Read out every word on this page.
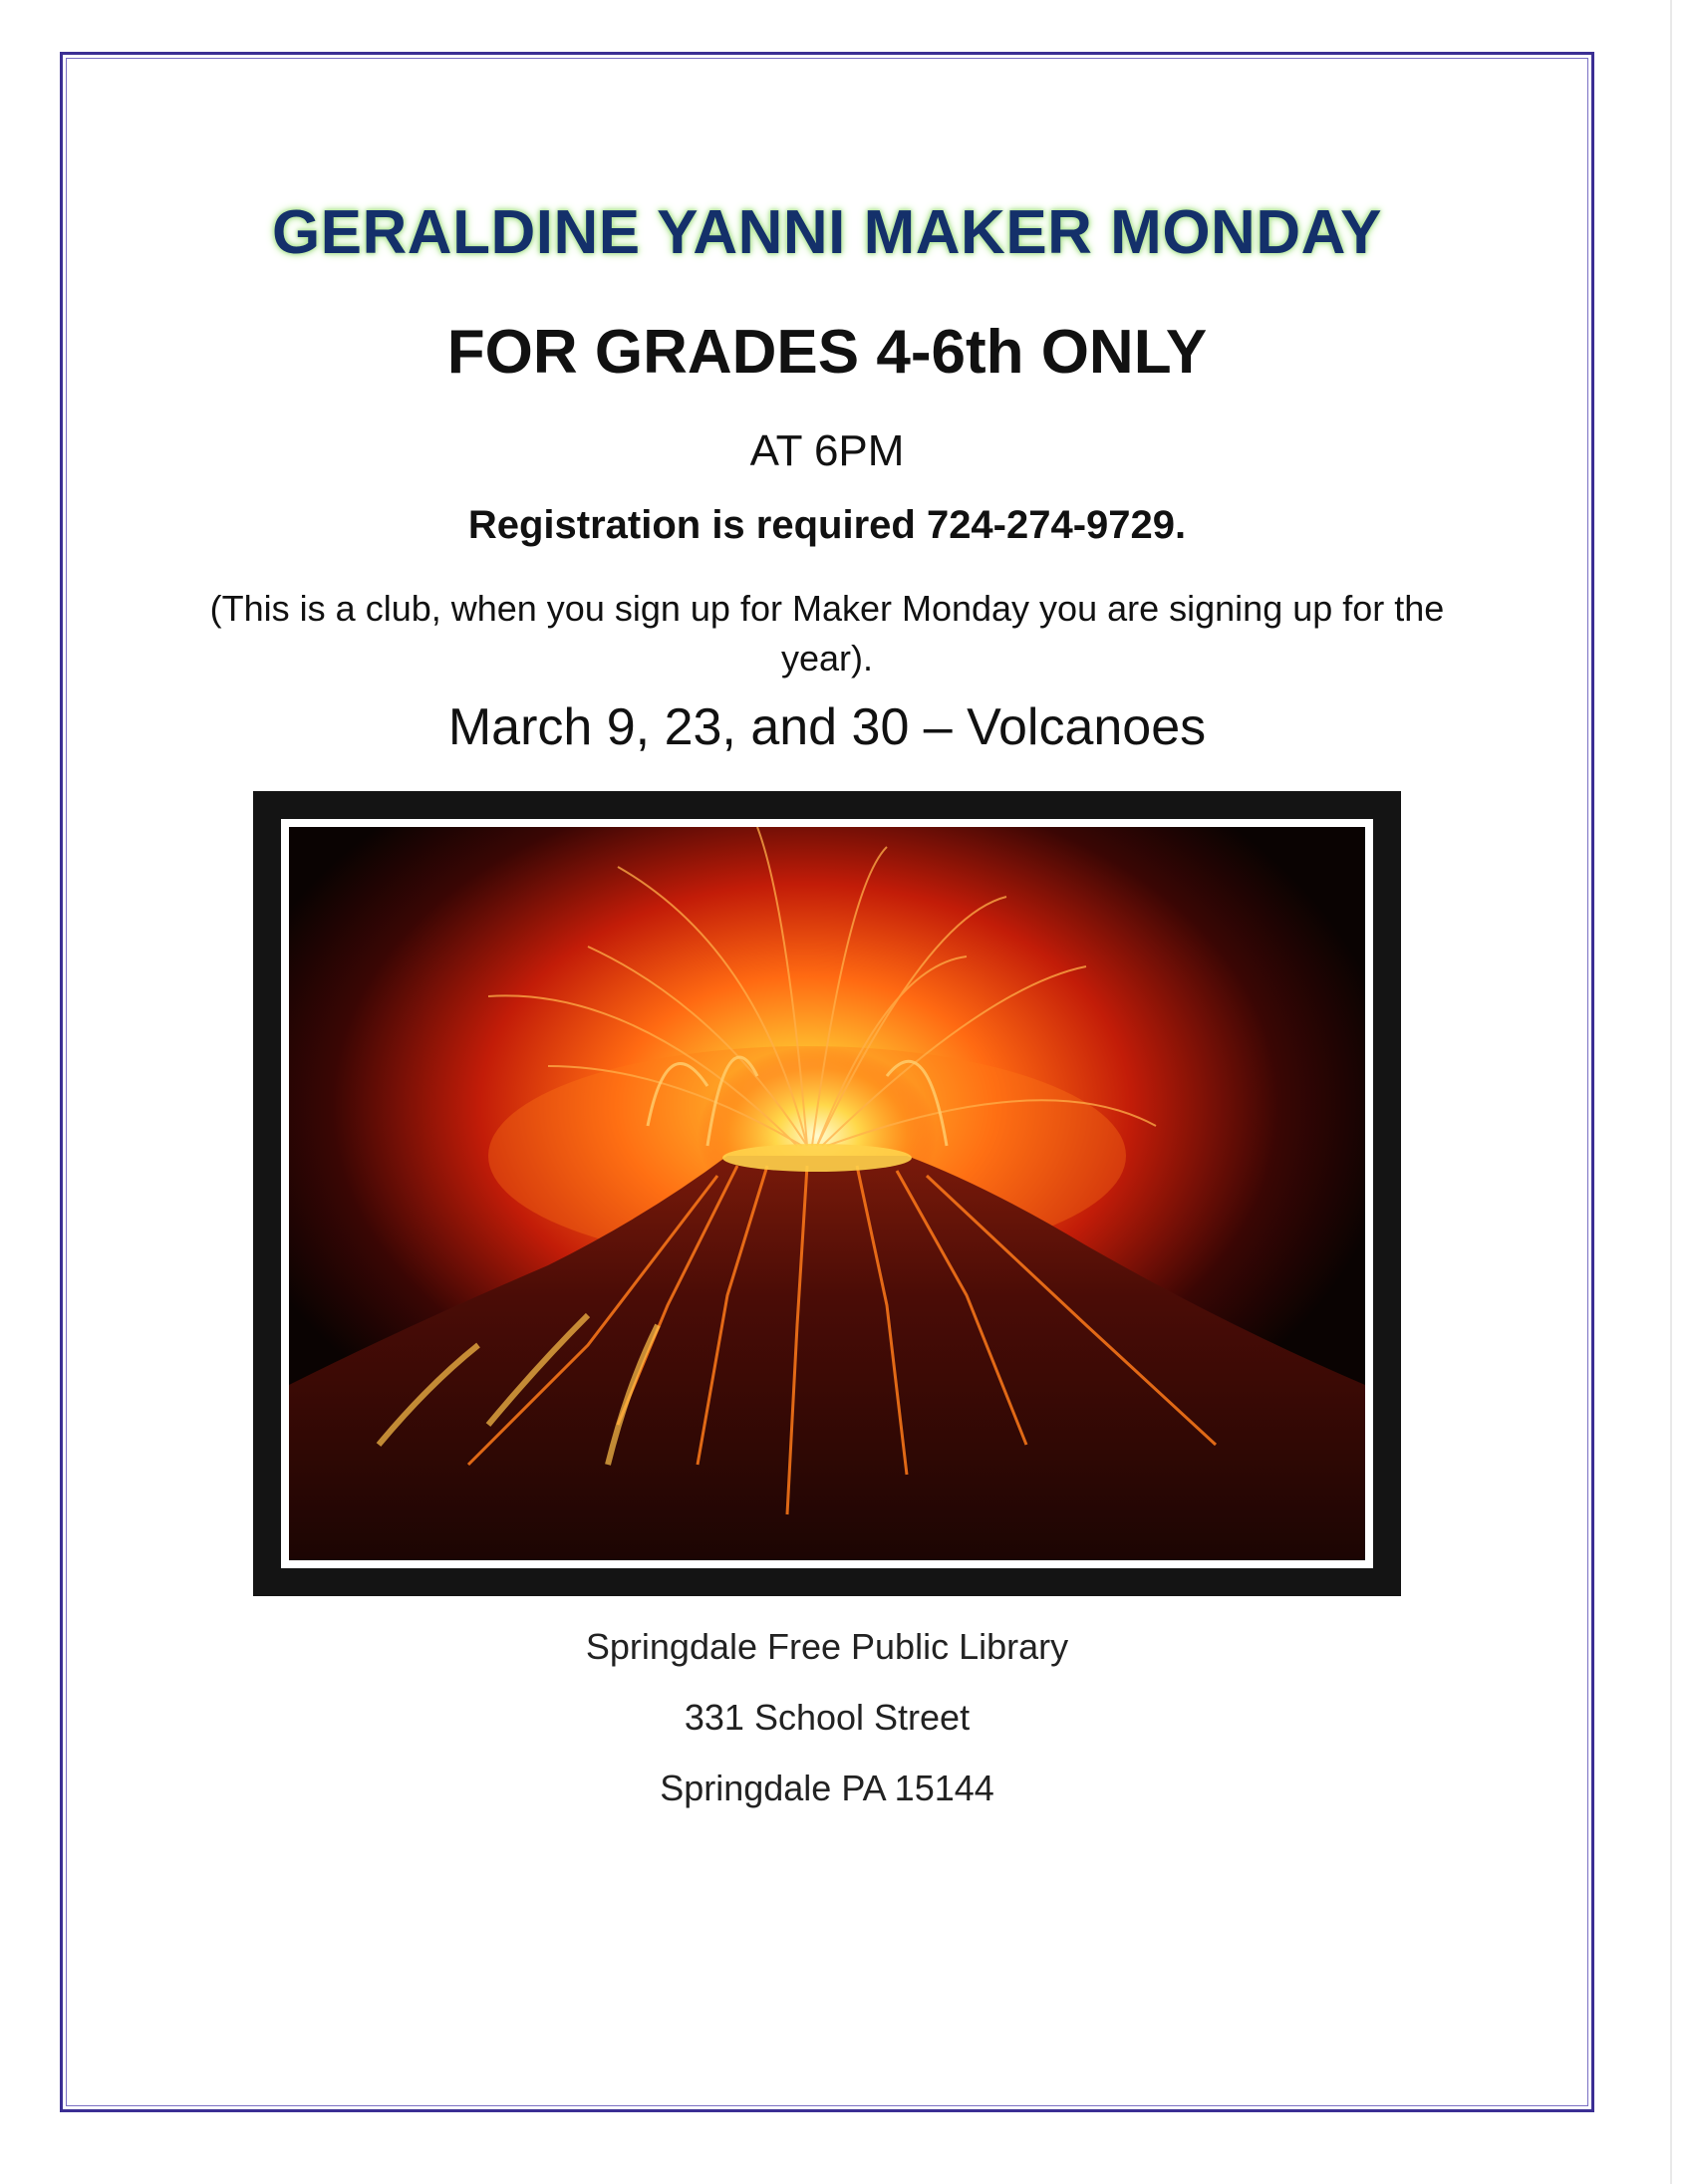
GERALDINE YANNI MAKER MONDAY
FOR GRADES 4-6th ONLY
AT 6PM
Registration is required 724-274-9729.
(This is a club, when you sign up for Maker Monday you are signing up for the year).
March 9, 23, and 30 – Volcanoes
Springdale Free Public Library
331 School Street
Springdale PA 15144
